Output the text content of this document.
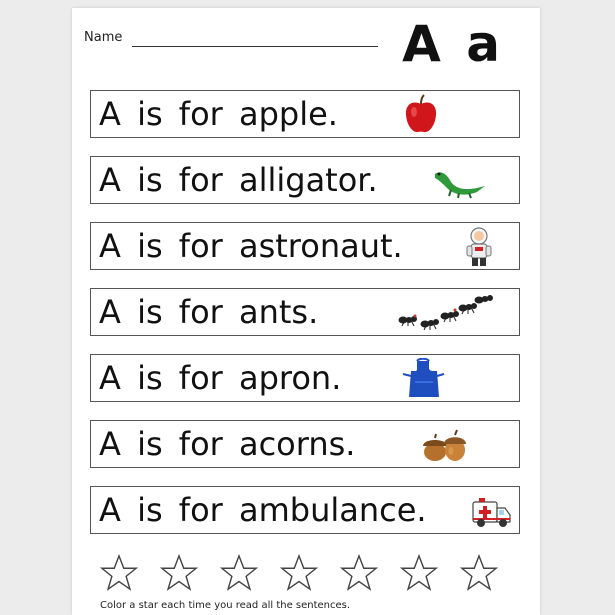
Name	A a
A is for apple.
A is for alligator.
A is for astronaut.
A is for ants.
A is for apron.
A is for acorns.
A is for ambulance.
Color a star each time you read all the sentences.
